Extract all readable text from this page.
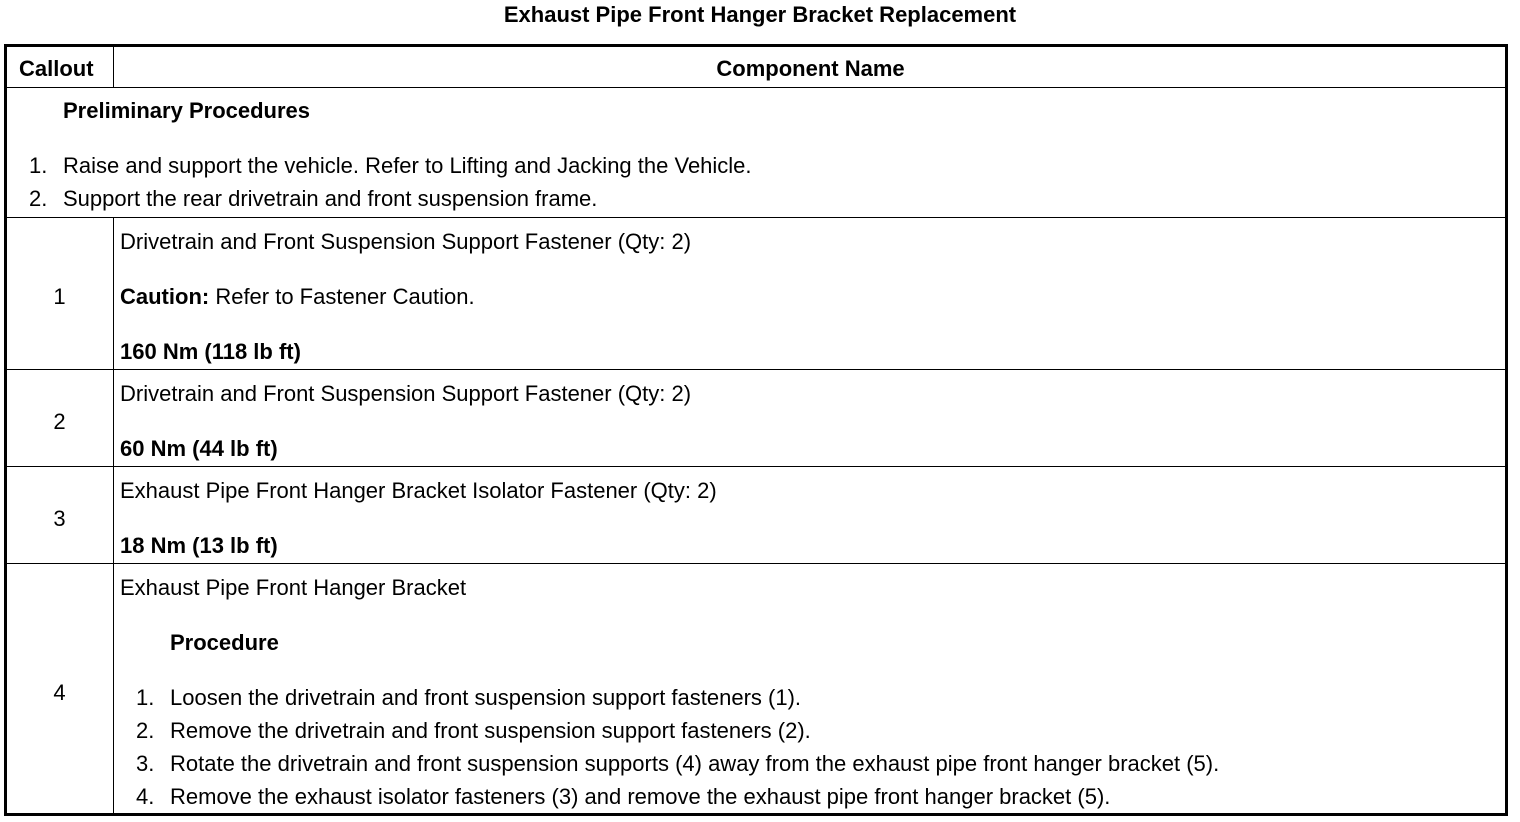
Exhaust Pipe Front Hanger Bracket Replacement
Callout	Component Name
Preliminary Procedures
1. Raise and support the vehicle. Refer to Lifting and Jacking the Vehicle.
2. Support the rear drivetrain and front suspension frame.
1
Drivetrain and Front Suspension Support Fastener (Qty: 2)
Caution: Refer to Fastener Caution.
160 Nm (118 lb ft)
2
Drivetrain and Front Suspension Support Fastener (Qty: 2)
60 Nm (44 lb ft)
3
Exhaust Pipe Front Hanger Bracket Isolator Fastener (Qty: 2)
18 Nm (13 lb ft)
4
Exhaust Pipe Front Hanger Bracket
Procedure
1. Loosen the drivetrain and front suspension support fasteners (1).
2. Remove the drivetrain and front suspension support fasteners (2).
3. Rotate the drivetrain and front suspension supports (4) away from the exhaust pipe front hanger bracket (5).
4. Remove the exhaust isolator fasteners (3) and remove the exhaust pipe front hanger bracket (5).
